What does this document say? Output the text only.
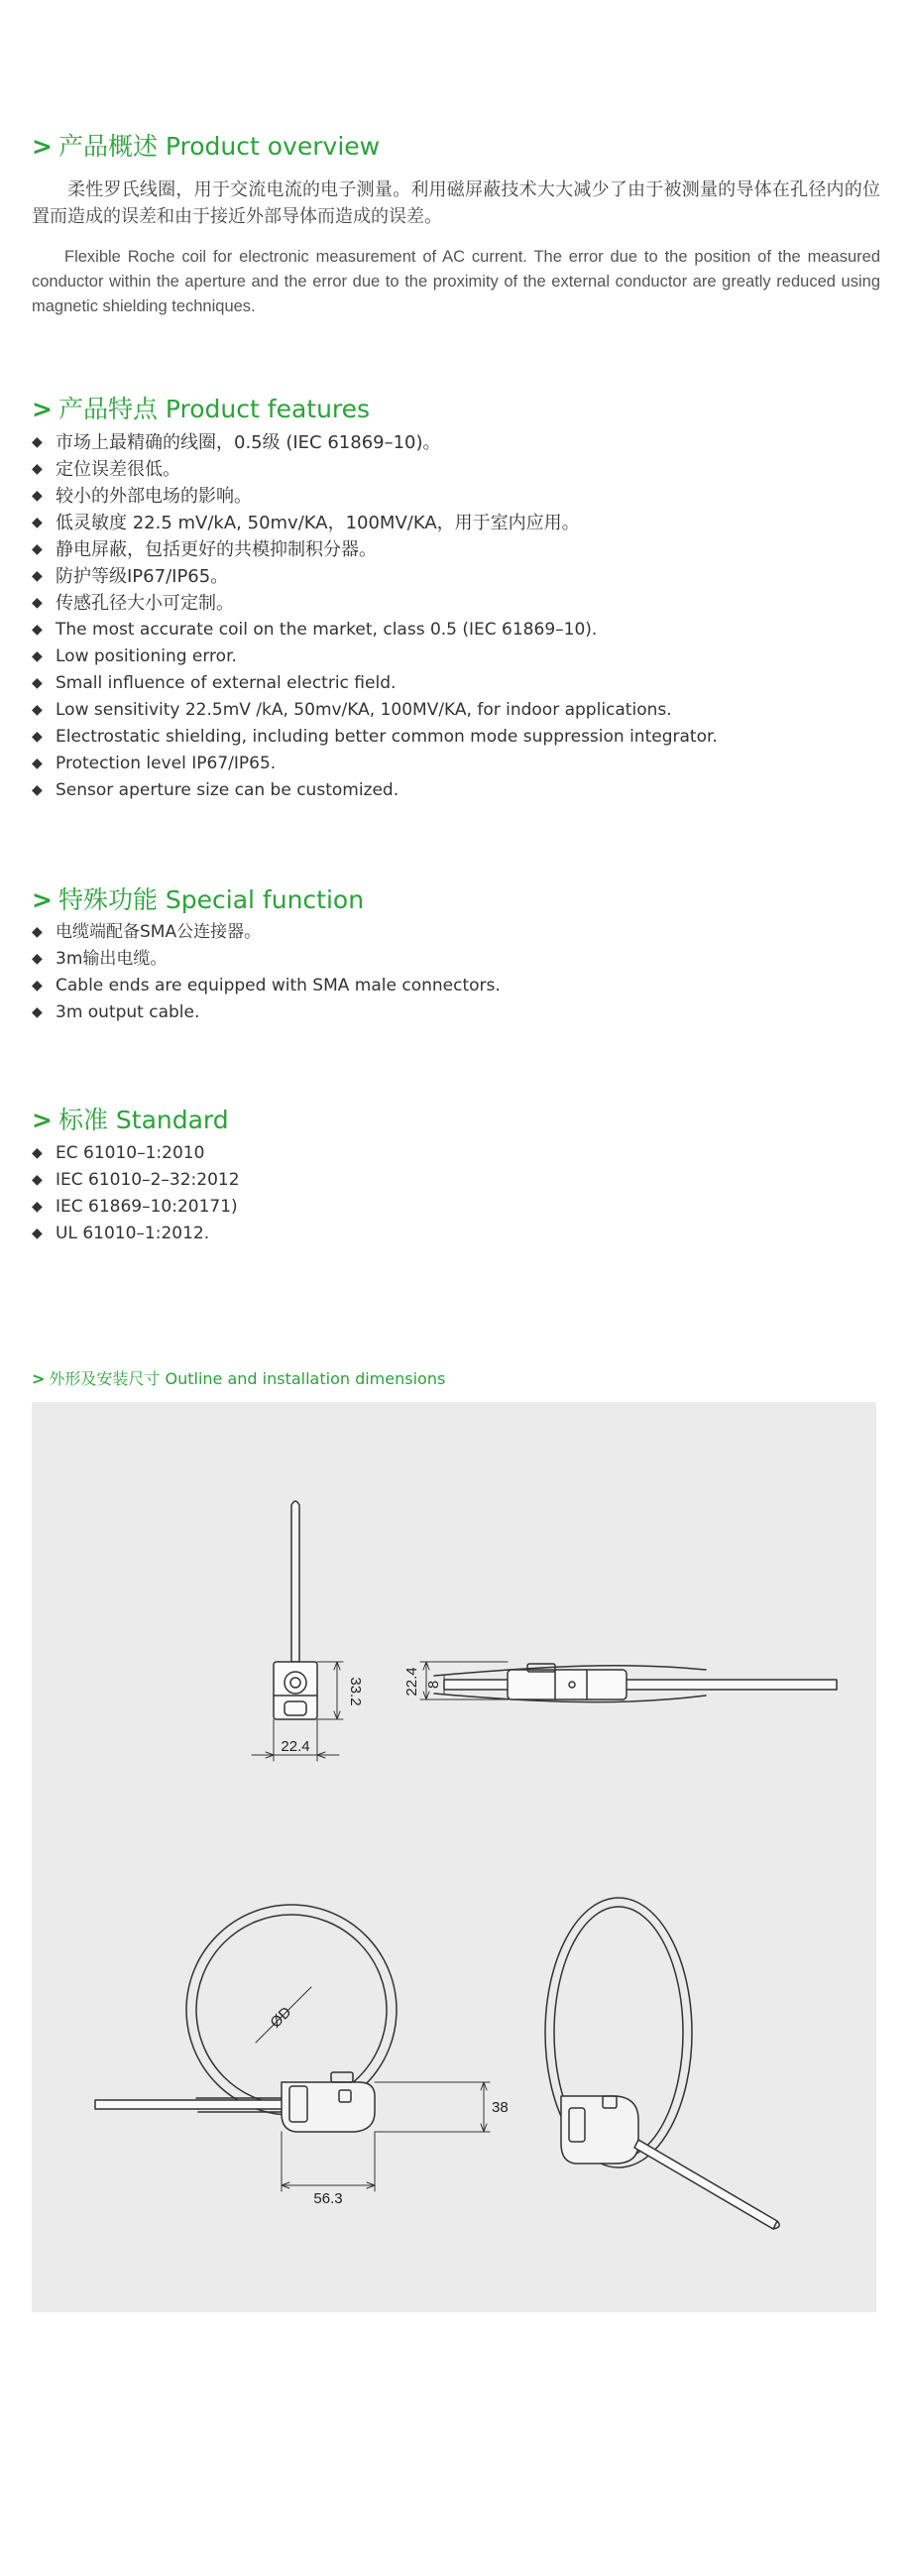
> 产品概述 Product overview
柔性罗氏线圈，用于交流电流的电子测量。利用磁屏蔽技术大大减少了由于被测量的导体在孔径内的位置而造成的误差和由于接近外部导体而造成的误差。
Flexible Roche coil for electronic measurement of AC current. The error due to the position of the measured conductor within the aperture and the error due to the proximity of the external conductor are greatly reduced using magnetic shielding techniques.
> 产品特点 Product features
◆ 市场上最精确的线圈，0.5级 (IEC 61869–10)。
◆ 定位误差很低。
◆ 较小的外部电场的影响。
◆ 低灵敏度 22.5 mV/kA, 50mv/KA，100MV/KA，用于室内应用。
◆ 静电屏蔽，包括更好的共模抑制积分器。
◆ 防护等级IP67/IP65。
◆ 传感孔径大小可定制。
◆ The most accurate coil on the market, class 0.5 (IEC 61869–10).
◆ Low positioning error.
◆ Small influence of external electric field.
◆ Low sensitivity 22.5mV /kA, 50mv/KA, 100MV/KA, for indoor applications.
◆ Electrostatic shielding, including better common mode suppression integrator.
◆ Protection level IP67/IP65.
◆ Sensor aperture size can be customized.
> 特殊功能 Special function
◆ 电缆端配备SMA公连接器。
◆ 3m输出电缆。
◆ Cable ends are equipped with SMA male connectors.
◆ 3m output cable.
> 标准 Standard
◆ EC 61010–1:2010
◆ IEC 61010–2–32:2012
◆ IEC 61869–10:20171)
◆ UL 61010–1:2012.
> 外形及安装尺寸 Outline and installation dimensions
33.2
22.4
22.4 8
ØD
38
56.3
